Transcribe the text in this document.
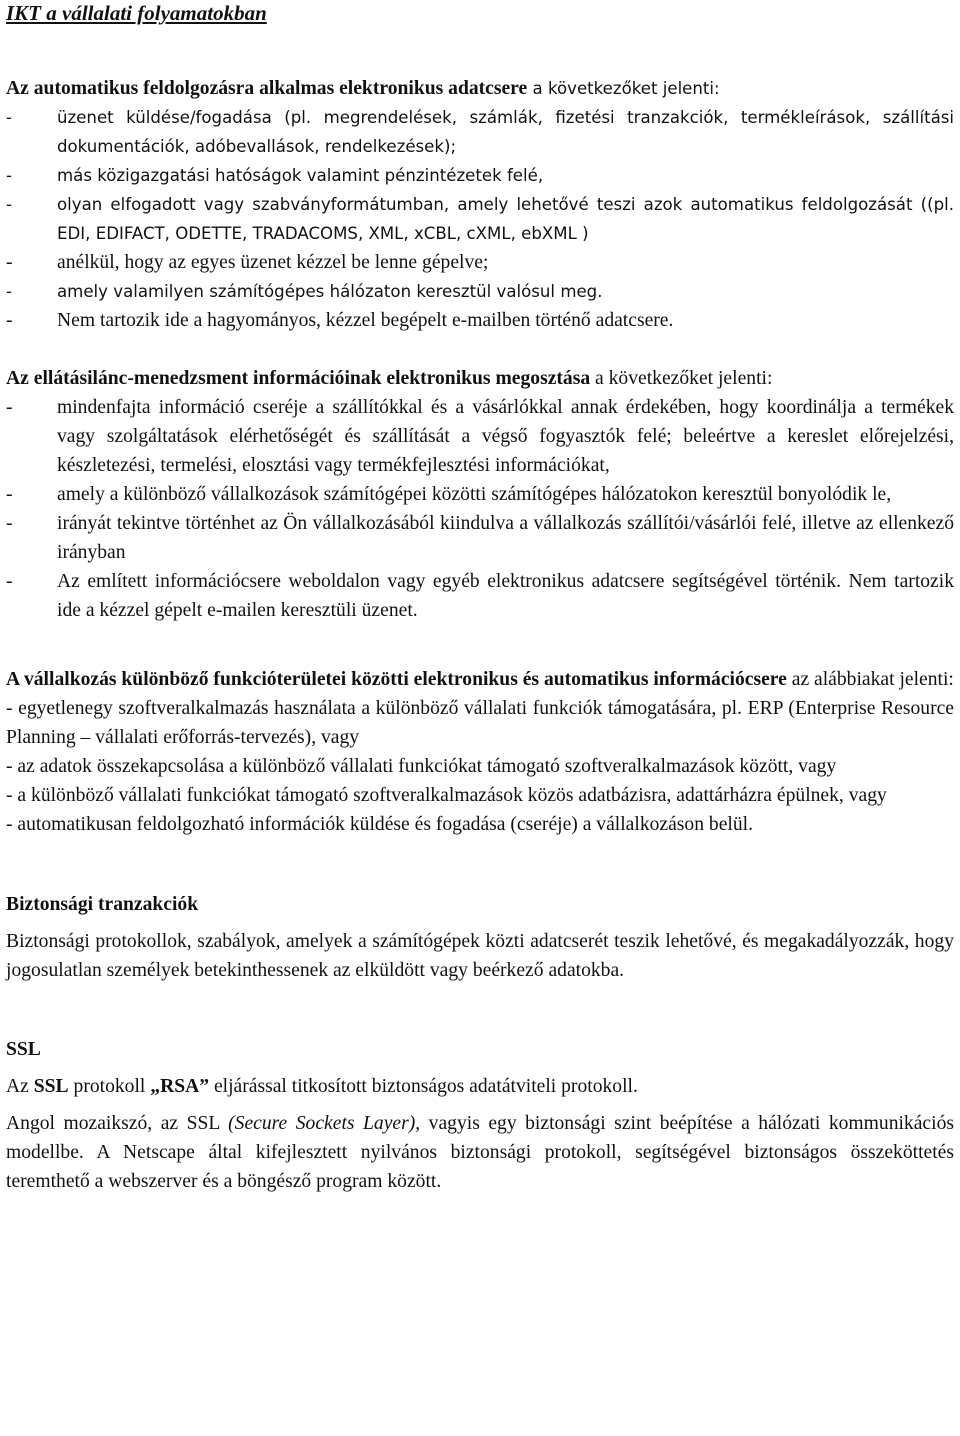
IKT a vállalati folyamatokban

Az automatikus feldolgozásra alkalmas elektronikus adatcsere a következőket jelenti:

- üzenet küldése/fogadása (pl. megrendelések, számlák, fizetési tranzakciók, termékleírások, szállítási dokumentációk, adóbevallások, rendelkezések);
- más közigazgatási hatóságok valamint pénzintézetek felé,
- olyan elfogadott vagy szabványformátumban, amely lehetővé teszi azok automatikus feldolgozását ((pl. EDI, EDIFACT, ODETTE, TRADACOMS, XML, xCBL, cXML, ebXML )
- anélkül, hogy az egyes üzenet kézzel be lenne gépelve;
- amely valamilyen számítógépes hálózaton keresztül valósul meg.
- Nem tartozik ide a hagyományos, kézzel begépelt e-mailben történő adatcsere.

Az ellátásilánc-menedzsment információinak elektronikus megosztása a következőket jelenti:

- mindenfajta információ cseréje a szállítókkal és a vásárlókkal annak érdekében, hogy koordinálja a termékek vagy szolgáltatások elérhetőségét és szállítását a végső fogyasztók felé; beleértve a kereslet előrejelzési, készletezési, termelési, elosztási vagy termékfejlesztési információkat,
- amely a különböző vállalkozások számítógépei közötti számítógépes hálózatokon keresztül bonyolódik le,
- irányát tekintve történhet az Ön vállalkozásából kiindulva a vállalkozás szállítói/vásárlói felé, illetve az ellenkező irányban
- Az említett információcsere weboldalon vagy egyéb elektronikus adatcsere segítségével történik. Nem tartozik ide a kézzel gépelt e-mailen keresztüli üzenet.

A vállalkozás különböző funkcióterületei közötti elektronikus és automatikus információcsere az alábbiakat jelenti:

- egyetlenegy szoftveralkalmazás használata a különböző vállalati funkciók támogatására, pl. ERP (Enterprise Resource Planning – vállalati erőforrás-tervezés), vagy

- az adatok összekapcsolása a különböző vállalati funkciókat támogató szoftveralkalmazások között, vagy

- a különböző vállalati funkciókat támogató szoftveralkalmazások közös adatbázisra, adattárházra épülnek, vagy

- automatikusan feldolgozható információk küldése és fogadása (cseréje) a vállalkozáson belül.

Biztonsági tranzakciók

Biztonsági protokollok, szabályok, amelyek a számítógépek közti adatcserét teszik lehetővé, és megakadályozzák, hogy jogosulatlan személyek betekinthessenek az elküldött vagy beérkező adatokba.

SSL

Az SSL protokoll „RSA” eljárással titkosított biztonságos adatátviteli protokoll.

Angol mozaikszó, az SSL (Secure Sockets Layer), vagyis egy biztonsági szint beépítése a hálózati kommunikációs modellbe. A Netscape által kifejlesztett nyilvános biztonsági protokoll, segítségével biztonságos összeköttetés teremthető a webszerver és a böngésző program között.
